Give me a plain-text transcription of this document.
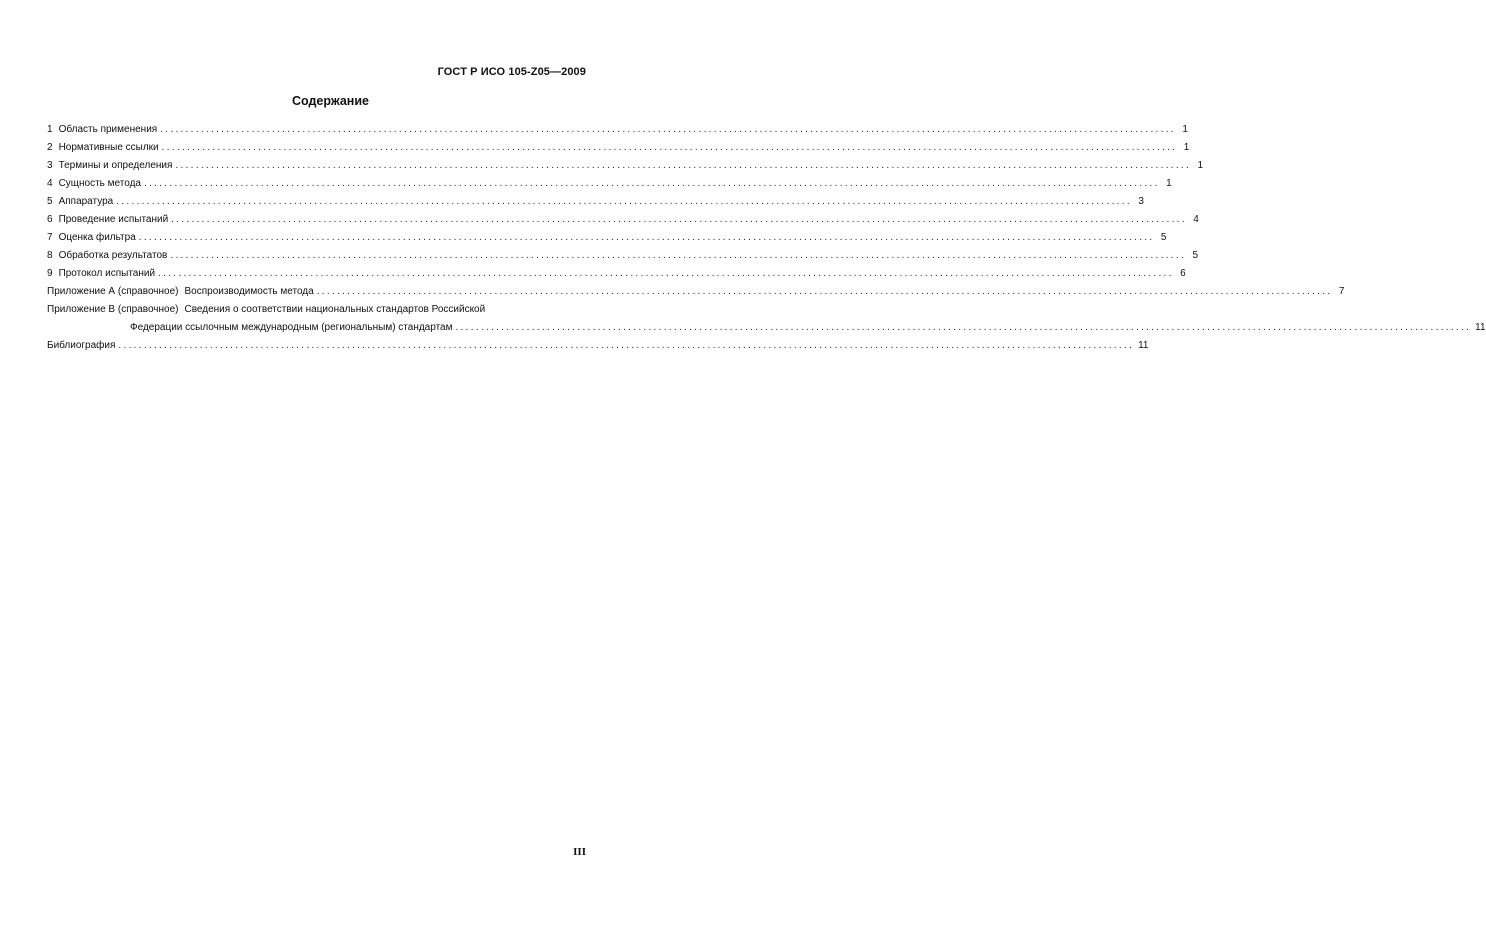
ГОСТ Р ИСО 105-Z05—2009
Содержание
1 Область применения ........................................................................................................................................................................................................ 1
2 Нормативные ссылки ........................................................................................................................................................................................................ 1
3 Термины и определения ........................................................................................................................................................................................................ 1
4 Сущность метода ........................................................................................................................................................................................................ 1
5 Аппаратура ........................................................................................................................................................................................................ 3
6 Проведение испытаний ........................................................................................................................................................................................................ 4
7 Оценка фильтра ........................................................................................................................................................................................................ 5
8 Обработка результатов ........................................................................................................................................................................................................ 5
9 Протокол испытаний ........................................................................................................................................................................................................ 6
Приложение А (справочное) Воспроизводимость метода ........................................................................................................................................................................................................ 7
Приложение В (справочное) Сведения о соответствии национальных стандартов Российской
Федерации ссылочным международным (региональным) стандартам ........................................................................................................................................................................................................ 11
Библиография ........................................................................................................................................................................................................ 11
III
